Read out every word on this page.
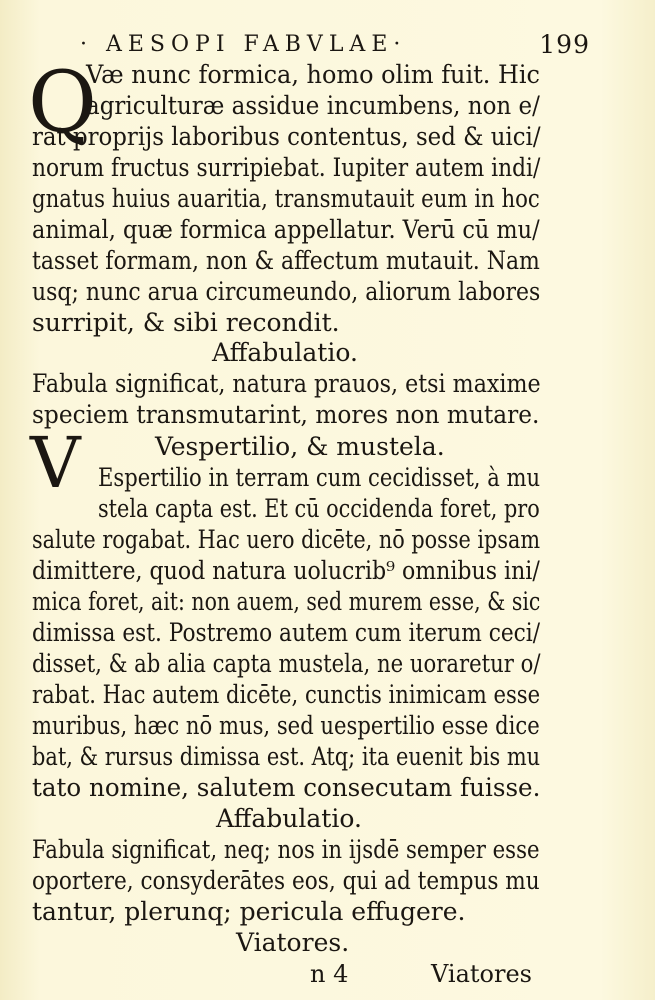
· AESOPI FABVLAE·	199
Q
Væ nunc formica, homo olim fuit. Hic
agriculturæ assidue incumbens, non e/
rat proprijs laboribus contentus, sed & uici/
norum fructus surripiebat. Iupiter autem indi/
gnatus huius auaritia, transmutauit eum in hoc
animal, quæ formica appellatur. Verū cū mu/
tasset formam, non & affectum mutauit. Nam
usq; nunc arua circumeundo, aliorum labores
surripit, & sibi recondit.
Affabulatio.
Fabula significat, natura prauos, etsi maxime
speciem transmutarint, mores non mutare.
Vespertilio, & mustela.
V Espertilio in terram cum cecidisset, à mu
stela capta est. Et cū occidenda foret, pro
salute rogabat. Hac uero dicēte, nō posse ipsam
dimittere, quod natura uolucrib⁹ omnibus ini/
mica foret, ait: non auem, sed murem esse, & sic
dimissa est. Postremo autem cum iterum ceci/
disset, & ab alia capta mustela, ne uoraretur o/
rabat. Hac autem dicēte, cunctis inimicam esse
muribus, hæc nō mus, sed uespertilio esse dice
bat, & rursus dimissa est. Atq; ita euenit bis mu
tato nomine, salutem consecutam fuisse.
Affabulatio.
Fabula significat, neq; nos in ijsdē semper esse
oportere, consyderātes eos, qui ad tempus mu
tantur, plerunq; pericula effugere.
Viatores.
n 4	Viatores
